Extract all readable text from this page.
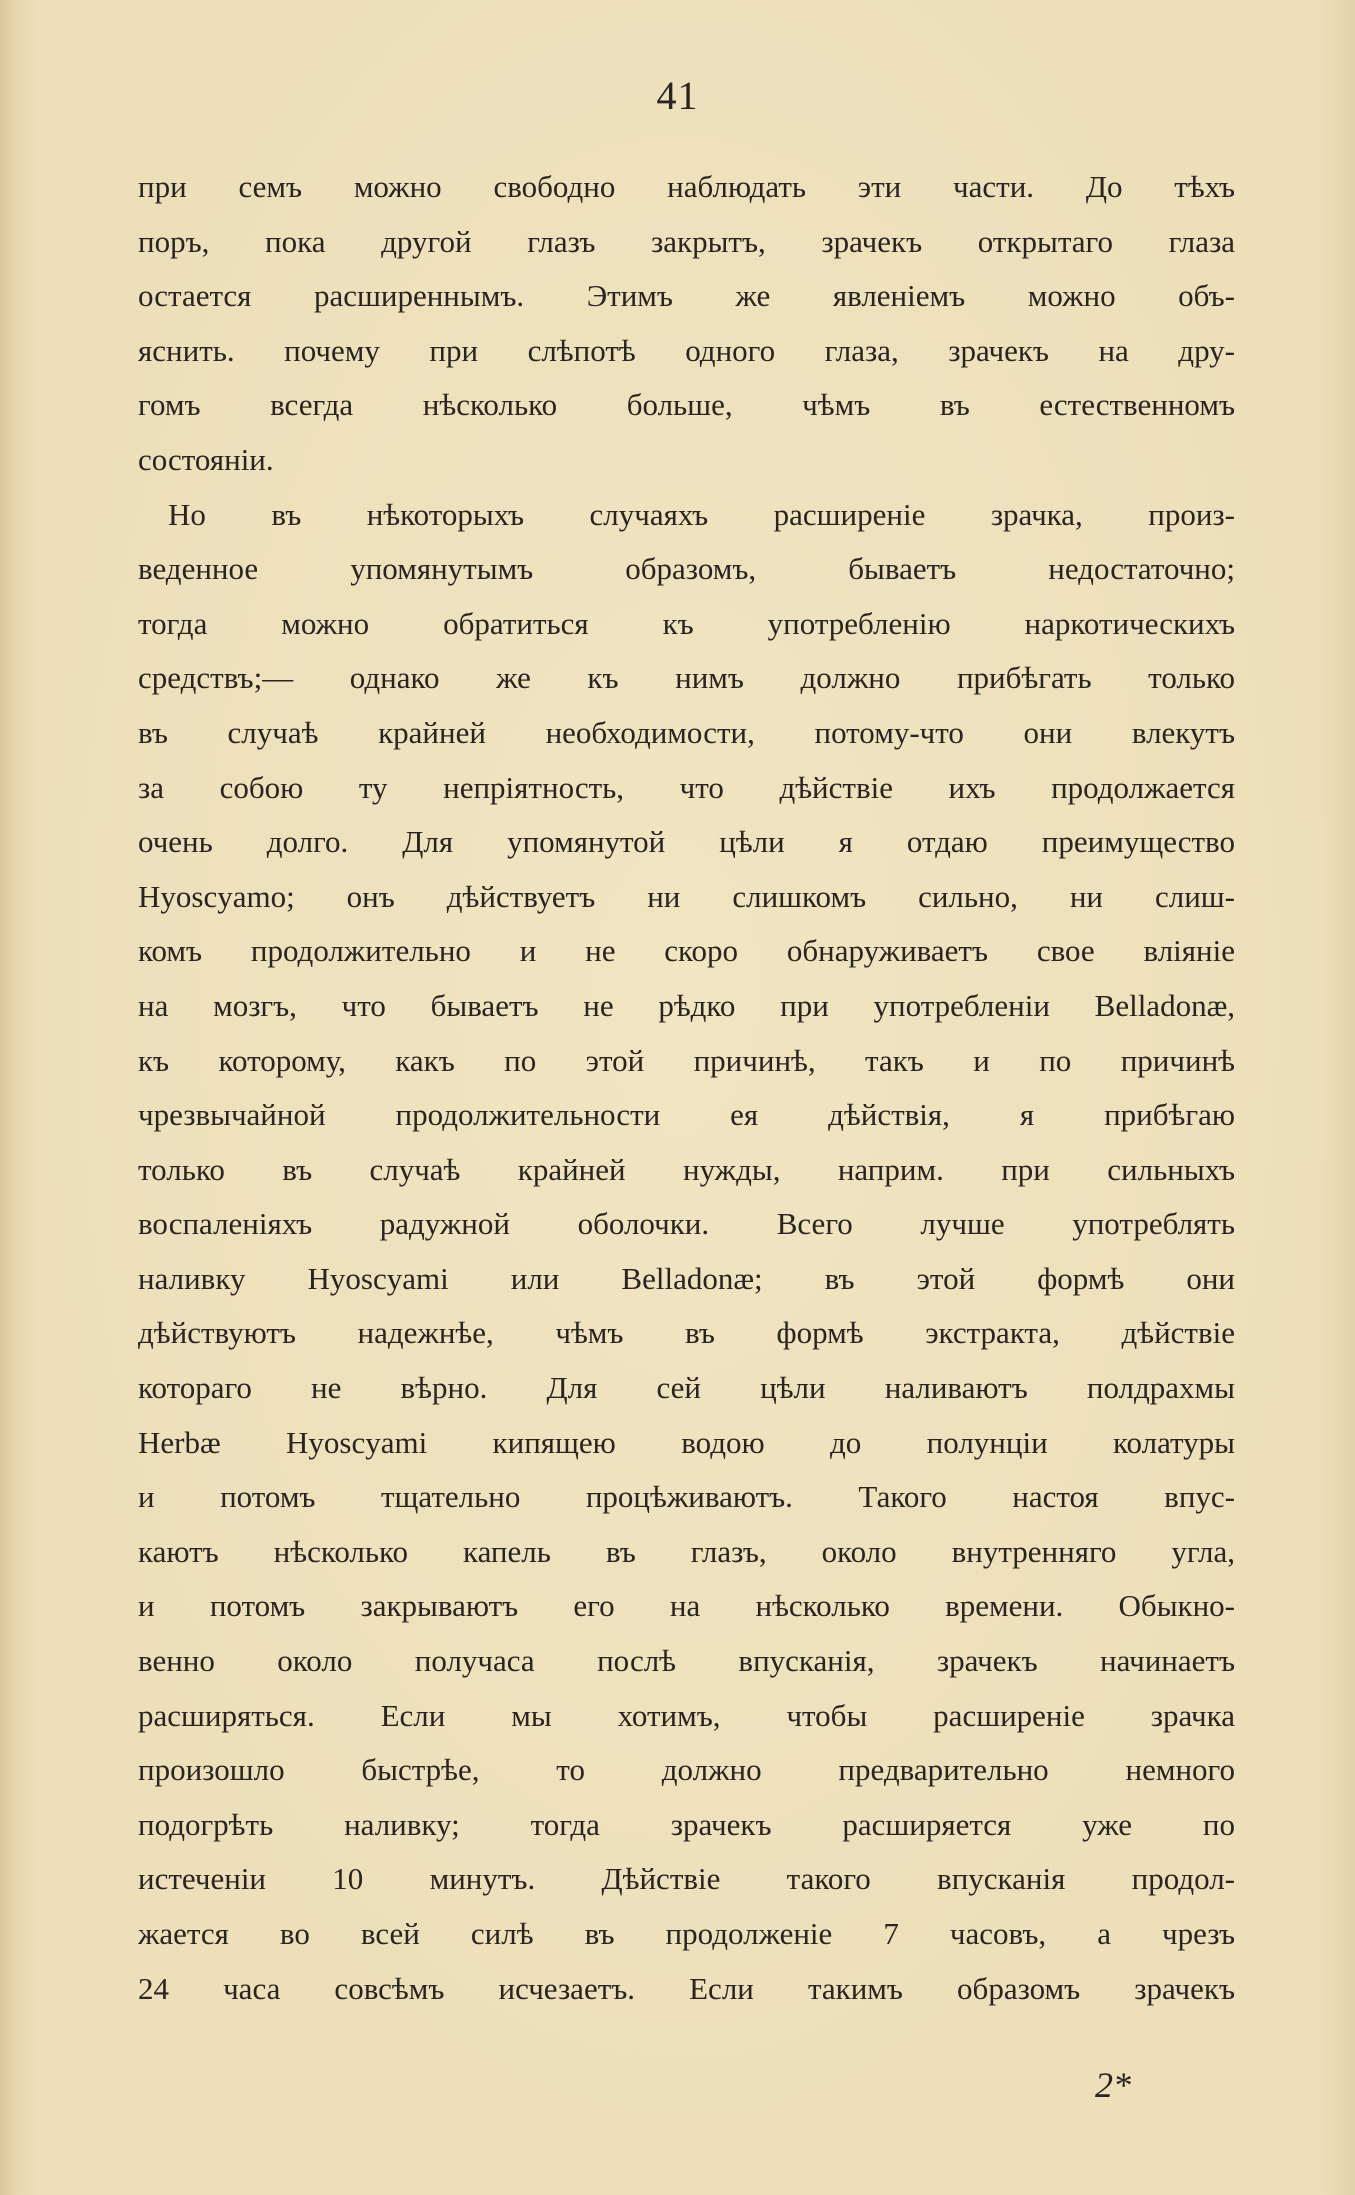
41
при семъ можно свободно наблюдать эти части. До тѣхъ
поръ, пока другой глазъ закрытъ, зрачекъ открытаго глаза
остается расширеннымъ. Этимъ же явленіемъ можно объ-
яснить. почему при слѣпотѣ одного глаза, зрачекъ на дру-
гомъ всегда нѣсколько больше, чѣмъ въ естественномъ
состояніи.
Но въ нѣкоторыхъ случаяхъ расширеніе зрачка, произ-
веденное упомянутымъ образомъ, бываетъ недостаточно;
тогда можно обратиться къ употребленію наркотическихъ
средствъ;— однако же къ нимъ должно прибѣгать только
въ случаѣ крайней необходимости, потому-что они влекутъ
за собою ту непріятность, что дѣйствіе ихъ продолжается
очень долго. Для упомянутой цѣли я отдаю преимущество
Hyoscyamo; онъ дѣйствуетъ ни слишкомъ сильно, ни слиш-
комъ продолжительно и не скоро обнаруживаетъ свое вліяніе
на мозгъ, что бываетъ не рѣдко при употребленіи Belladonæ,
къ которому, какъ по этой причинѣ, такъ и по причинѣ
чрезвычайной продолжительности ея дѣйствія, я прибѣгаю
только въ случаѣ крайней нужды, наприм. при сильныхъ
воспаленіяхъ радужной оболочки. Всего лучше употреблять
наливку Hyoscyami или Belladonæ; въ этой формѣ они
дѣйствуютъ надежнѣе, чѣмъ въ формѣ экстракта, дѣйствіе
котораго не вѣрно. Для сей цѣли наливаютъ полдрахмы
Herbæ Hyoscyami кипящею водою до полунціи колатуры
и потомъ тщательно процѣживаютъ. Такого настоя впус-
каютъ нѣсколько капель въ глазъ, около внутренняго угла,
и потомъ закрываютъ его на нѣсколько времени. Обыкно-
венно около получаса послѣ впусканія, зрачекъ начинаетъ
расширяться. Если мы хотимъ, чтобы расширеніе зрачка
произошло быстрѣе, то должно предварительно немного
подогрѣть наливку; тогда зрачекъ расширяется уже по
истеченіи 10 минутъ. Дѣйствіе такого впусканія продол-
жается во всей силѣ въ продолженіе 7 часовъ, а чрезъ
24 часа совсѣмъ исчезаетъ. Если такимъ образомъ зрачекъ
2*
